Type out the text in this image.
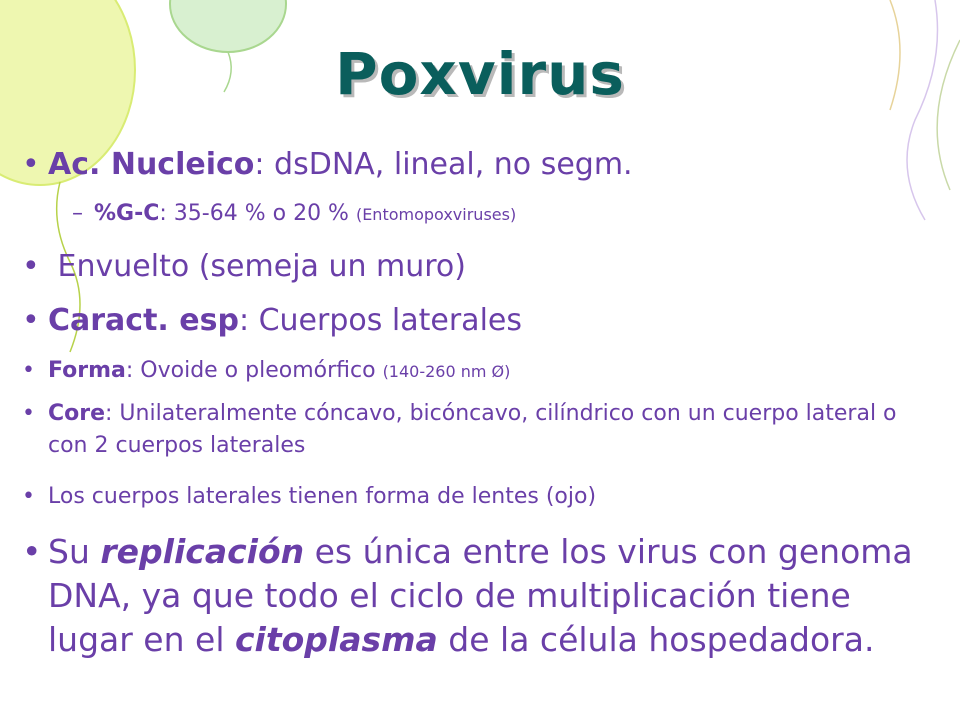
Poxvirus
• Ac. Nucleico: dsDNA, lineal, no segm.
– %G-C: 35-64 % o 20 % (Entomopoxviruses)
• Envuelto (semeja un muro)
• Caract. esp: Cuerpos laterales
• Forma: Ovoide o pleomórfico (140-260 nm Ø)
• Core: Unilateralmente cóncavo, bicóncavo, cilíndrico con un cuerpo lateral o con 2 cuerpos laterales
• Los cuerpos laterales tienen forma de lentes (ojo)
• Su replicación es única entre los virus con genoma DNA, ya que todo el ciclo de multiplicación tiene lugar en el citoplasma de la célula hospedadora.
